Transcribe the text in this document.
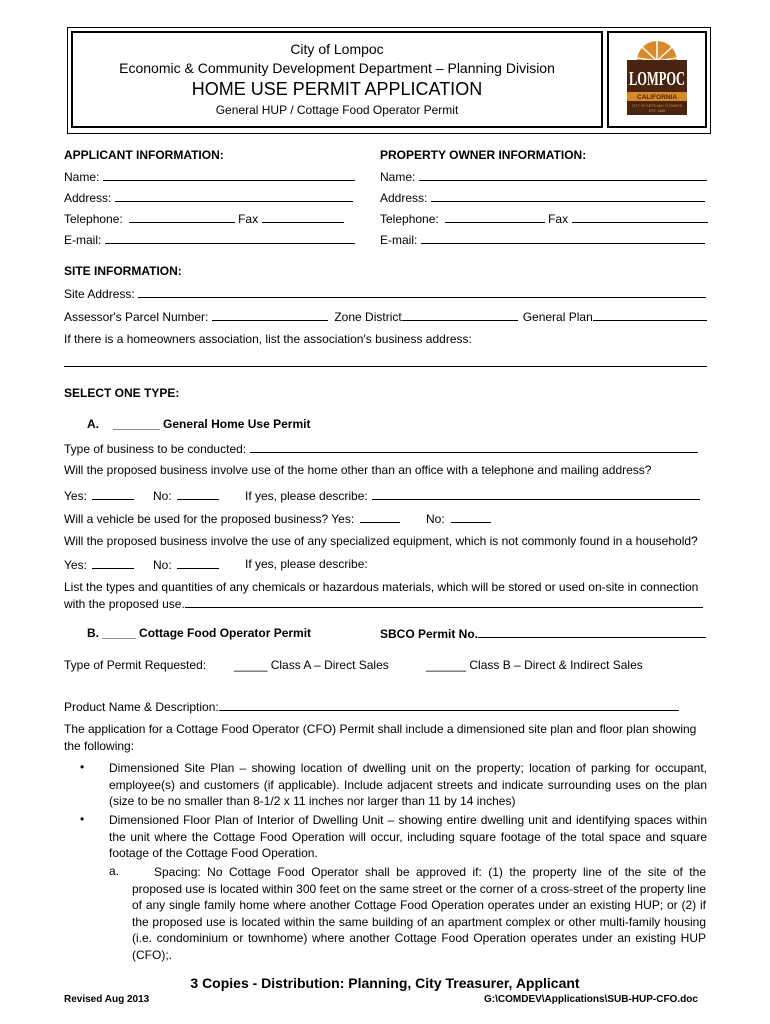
City of Lompoc
Economic & Community Development Department – Planning Division
HOME USE PERMIT APPLICATION
General HUP / Cottage Food Operator Permit
LOMPOC
CALIFORNIA
CITY OF ARTS AND FLOWERS
EST. 1888
APPLICANT INFORMATION:	PROPERTY OWNER INFORMATION:
Name:
Address:
Telephone:	Fax
E-mail:
Name:
Address:
Telephone:	Fax
E-mail:
SITE INFORMATION:
Site Address:
Assessor's Parcel Number:	Zone District	General Plan
If there is a homeowners association, list the association's business address:
SELECT ONE TYPE:
A. _______ General Home Use Permit
Type of business to be conducted:
Will the proposed business involve use of the home other than an office with a telephone and mailing address?
Yes:	No:	If yes, please describe:
Will a vehicle be used for the proposed business? Yes:	No:
Will the proposed business involve the use of any specialized equipment, which is not commonly found in a household?
Yes:	No:	If yes, please describe:
List the types and quantities of any chemicals or hazardous materials, which will be stored or used on-site in connection
with the proposed use.
B. _____ Cottage Food Operator Permit	SBCO Permit No.
Type of Permit Requested: _____ Class A – Direct Sales	______ Class B – Direct & Indirect Sales
Product Name & Description:
The application for a Cottage Food Operator (CFO) Permit shall include a dimensioned site plan and floor plan showing the following:
• Dimensioned Site Plan – showing location of dwelling unit on the property; location of parking for occupant, employee(s) and customers (if applicable). Include adjacent streets and indicate surrounding uses on the plan (size to be no smaller than 8-1/2 x 11 inches nor larger than 11 by 14 inches)
• Dimensioned Floor Plan of Interior of Dwelling Unit – showing entire dwelling unit and identifying spaces within the unit where the Cottage Food Operation will occur, including square footage of the total space and square footage of the Cottage Food Operation.
a.	Spacing: No Cottage Food Operator shall be approved if: (1) the property line of the site of the proposed use is located within 300 feet on the same street or the corner of a cross-street of the property line of any single family home where another Cottage Food Operation operates under an existing HUP; or (2) if the proposed use is located within the same building of an apartment complex or other multi-family housing (i.e. condominium or townhome) where another Cottage Food Operation operates under an existing HUP (CFO);.
3 Copies - Distribution: Planning, City Treasurer, Applicant
Revised Aug 2013	G:\COMDEV\Applications\SUB-HUP-CFO.doc
